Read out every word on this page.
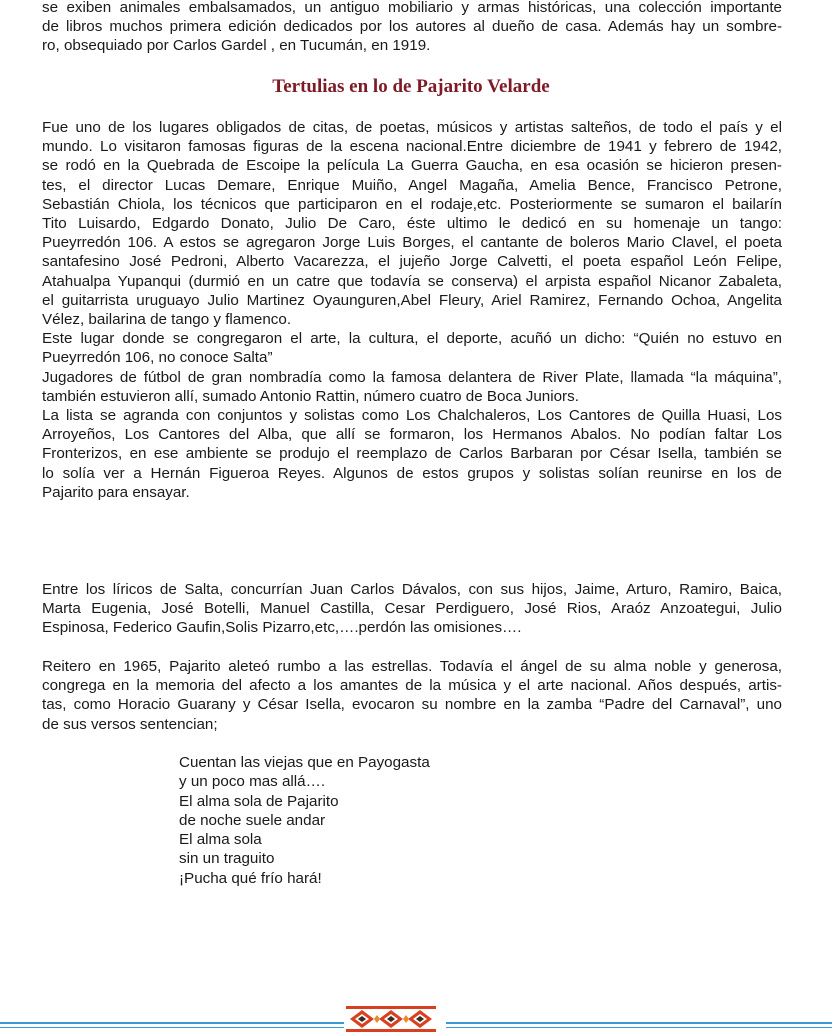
se exiben animales embalsamados, un antiguo mobiliario y armas históricas, una colección importante
de libros muchos primera edición dedicados por los autores al dueño de casa. Además hay un sombre-
ro, obsequiado por Carlos Gardel , en Tucumán, en 1919.
Tertulias en lo de Pajarito Velarde
Fue uno de los lugares obligados de citas, de poetas, músicos y artistas salteños, de todo el país y el
mundo. Lo visitaron famosas figuras de la escena nacional.Entre diciembre de 1941 y febrero de 1942,
se rodó en la Quebrada de Escoipe la película La Guerra Gaucha, en esa ocasión se hicieron presen-
tes, el director Lucas Demare, Enrique Muiño, Angel Magaña, Amelia Bence, Francisco Petrone,
Sebastián Chiola, los técnicos que participaron en el rodaje,etc. Posteriormente se sumaron el bailarín
Tito Luisardo, Edgardo Donato, Julio De Caro, éste ultimo le dedicó en su homenaje un tango:
Pueyrredón 106. A estos se agregaron Jorge Luis Borges, el cantante de boleros Mario Clavel, el poeta
santafesino José Pedroni, Alberto Vacarezza, el jujeño Jorge Calvetti, el poeta español León Felipe,
Atahualpa Yupanqui (durmió en un catre que todavía se conserva) el arpista español Nicanor Zabaleta,
el guitarrista uruguayo Julio Martinez Oyaunguren,Abel Fleury, Ariel Ramirez, Fernando Ochoa, Angelita
Vélez, bailarina de tango y flamenco.
Este lugar donde se congregaron el arte, la cultura, el deporte, acuñó un dicho: “Quién no estuvo en
Pueyrredón 106, no conoce Salta”
Jugadores de fútbol de gran nombradía como la famosa delantera de River Plate, llamada “la máquina”,
también estuvieron allí, sumado Antonio Rattin, número cuatro de Boca Juniors.
La lista se agranda con conjuntos y solistas como Los Chalchaleros, Los Cantores de Quilla Huasi, Los
Arroyeños, Los Cantores del Alba, que allí se formaron, los Hermanos Abalos. No podían faltar Los
Fronterizos, en ese ambiente se produjo el reemplazo de Carlos Barbaran por César Isella, también se
lo solía ver a Hernán Figueroa Reyes. Algunos de estos grupos y solistas solían reunirse en los de
Pajarito para ensayar.
Entre los líricos de Salta, concurrían Juan Carlos Dávalos, con sus hijos, Jaime, Arturo, Ramiro, Baica,
Marta Eugenia, José Botelli, Manuel Castilla, Cesar Perdiguero, José Rios, Araóz Anzoategui, Julio
Espinosa, Federico Gaufin,Solis Pizarro,etc,….perdón las omisiones….
Reitero en 1965, Pajarito aleteó rumbo a las estrellas. Todavía el ángel de su alma noble y generosa,
congrega en la memoria del afecto a los amantes de la música y el arte nacional. Años después, artis-
tas, como Horacio Guarany y César Isella, evocaron su nombre en la zamba “Padre del Carnaval”, uno
de sus versos sentencian;
Cuentan las viejas que en Payogasta
y un poco mas allá….
El alma sola de Pajarito
de noche suele andar
El alma sola
sin un traguito
¡Pucha qué frío hará!
